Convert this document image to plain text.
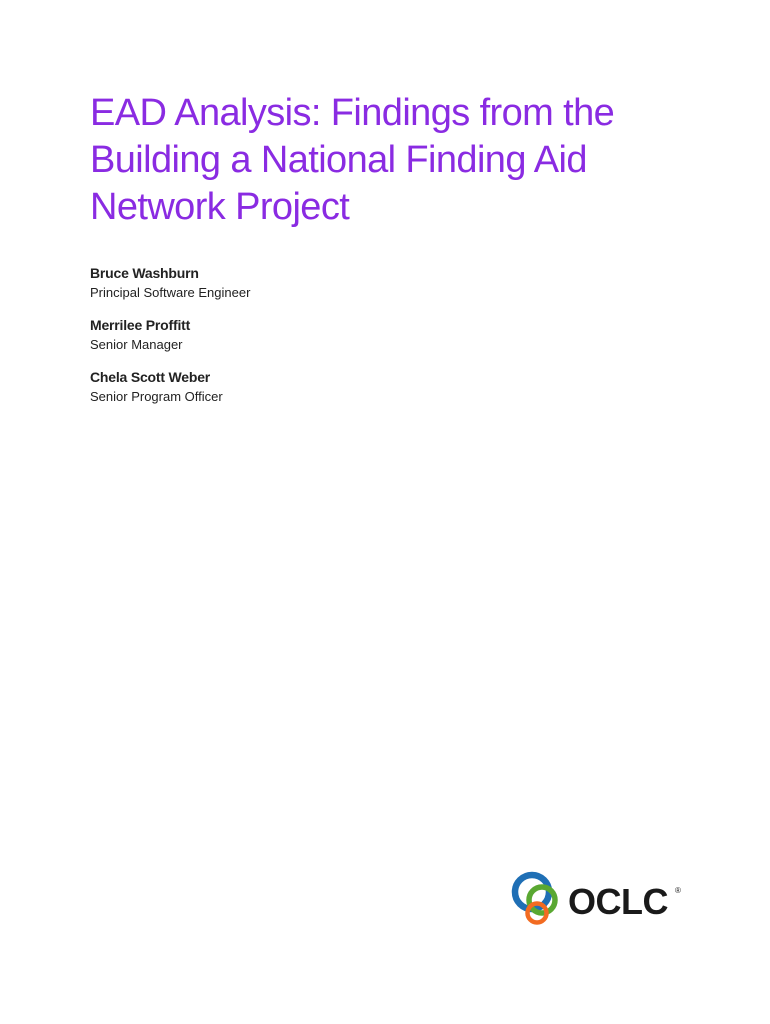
EAD Analysis: Findings from the
Building a National Finding Aid
Network Project
Bruce Washburn
Principal Software Engineer
Merrilee Proffitt
Senior Manager
Chela Scott Weber
Senior Program Officer
OCLC ®
